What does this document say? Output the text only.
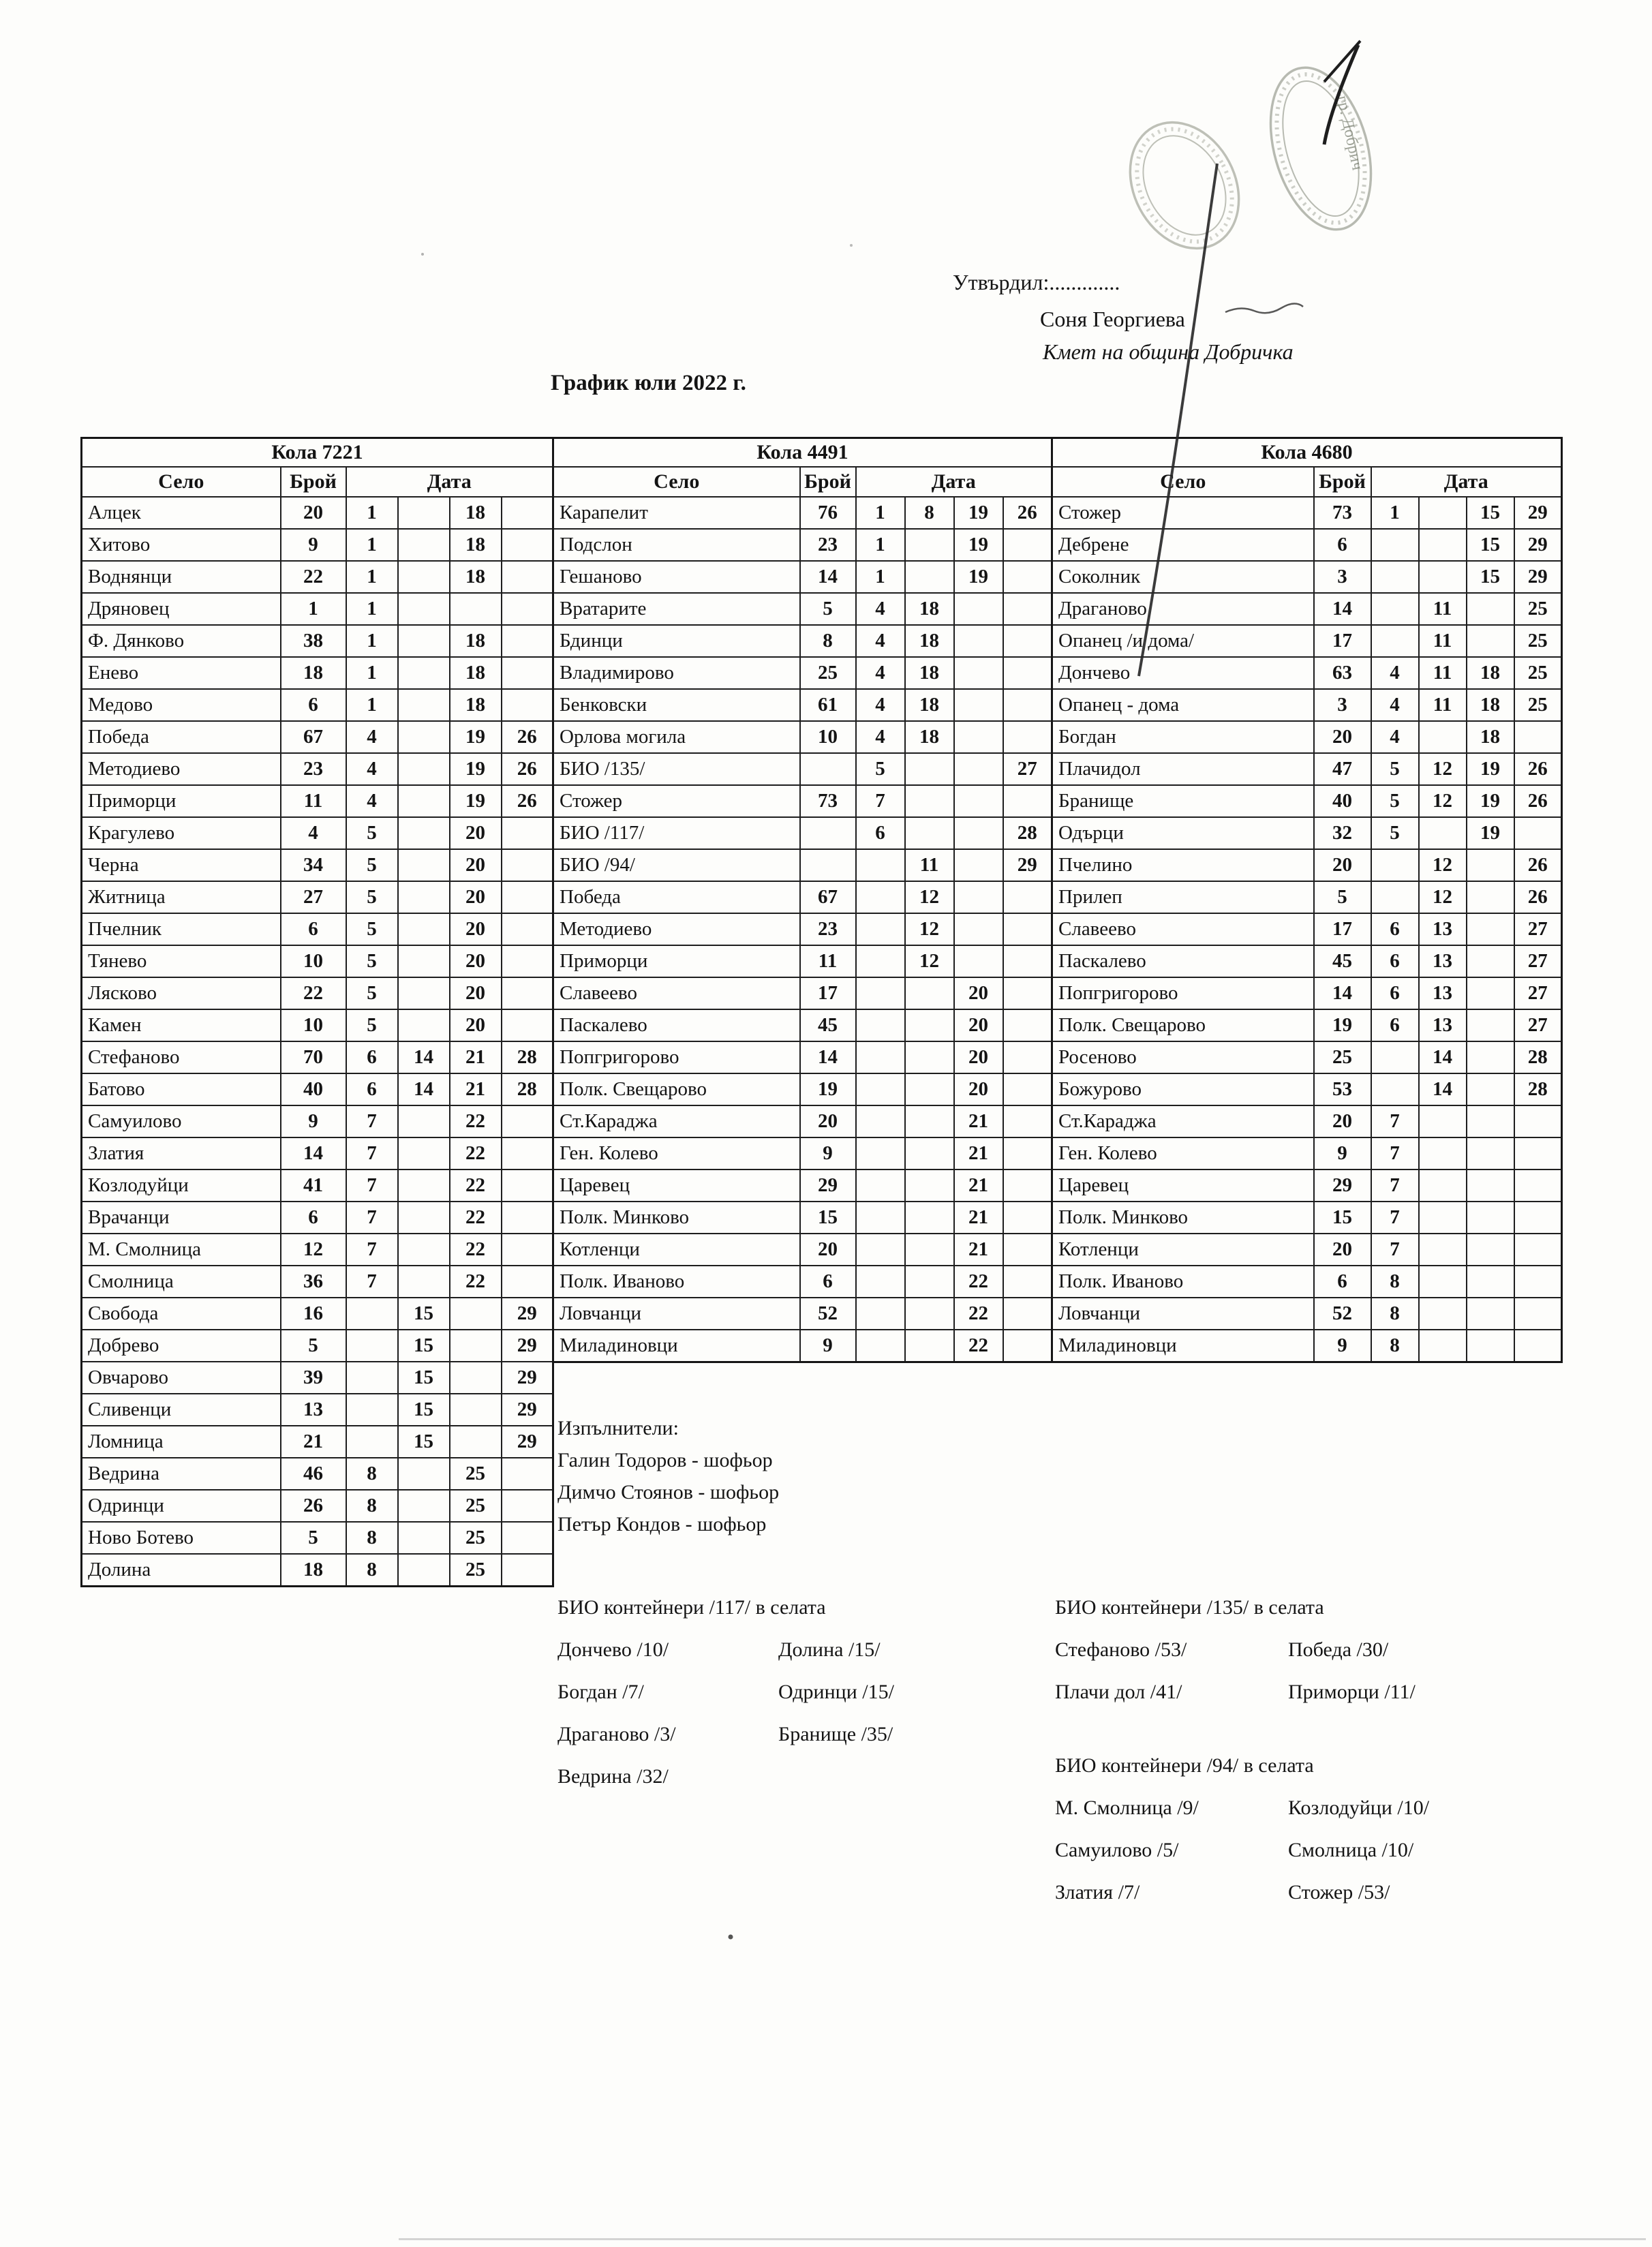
Утвърдил:.............
Соня Георгиева
Кмет на община Добричка
График юли 2022 г.
Кола 7221					
Село	Брой	Дата			
Алцек	20	1		18	
Хитово	9	1		18	
Воднянци	22	1		18	
Дряновец	1	1			
Ф. Дянково	38	1		18	
Енево	18	1		18	
Медово	6	1		18	
Победа	67	4		19	26
Методиево	23	4		19	26
Приморци	11	4		19	26
Крагулево	4	5		20	
Черна	34	5		20	
Житница	27	5		20	
Пчелник	6	5		20	
Тянево	10	5		20	
Лясково	22	5		20	
Камен	10	5		20	
Стефаново	70	6	14	21	28
Батово	40	6	14	21	28
Самуилово	9	7		22	
Златия	14	7		22	
Козлодуйци	41	7		22	
Врачанци	6	7		22	
М. Смолница	12	7		22	
Смолница	36	7		22	
Свобода	16		15		29
Добрево	5		15		29
Овчарово	39		15		29
Сливенци	13		15		29
Ломница	21		15		29
Ведрина	46	8		25	
Одринци	26	8		25	
Ново Ботево	5	8		25	
Долина	18	8		25	
Кола 4491					
Село	Брой	Дата			
Карапелит	76	1	8	19	26
Подслон	23	1		19	
Гешаново	14	1		19	
Вратарите	5	4	18		
Бдинци	8	4	18		
Владимирово	25	4	18		
Бенковски	61	4	18		
Орлова могила	10	4	18		
БИО /135/		5			27
Стожер	73	7			
БИО /117/		6			28
БИО /94/			11		29
Победа	67		12		
Методиево	23		12		
Приморци	11		12		
Славеево	17			20	
Паскалево	45			20	
Попгригорово	14			20	
Полк. Свещарово	19			20	
Ст.Караджа	20			21	
Ген. Колево	9			21	
Царевец	29			21	
Полк. Минково	15			21	
Котленци	20			21	
Полк. Иваново	6			22	
Ловчанци	52			22	
Миладиновци	9			22	
Кола 4680					
Село	Брой	Дата			
Стожер	73	1		15	29
Дебрене	6			15	29
Соколник	3			15	29
Драганово	14		11		25
Опанец /и дома/	17		11		25
Дончево	63	4	11	18	25
Опанец - дома	3	4	11	18	25
Богдан	20	4		18	
Плачидол	47	5	12	19	26
Бранище	40	5	12	19	26
Одърци	32	5		19	
Пчелино	20		12		26
Прилеп	5		12		26
Славеево	17	6	13		27
Паскалево	45	6	13		27
Попгригорово	14	6	13		27
Полк. Свещарово	19	6	13		27
Росеново	25		14		28
Божурово	53		14		28
Ст.Караджа	20	7			
Ген. Колево	9	7			
Царевец	29	7			
Полк. Минково	15	7			
Котленци	20	7			
Полк. Иваново	6	8			
Ловчанци	52	8			
Миладиновци	9	8			
Изпълнители:
Галин Тодоров - шофьор
Димчо Стоянов - шофьор
Петър Кондов - шофьор
БИО контейнери /117/ в селата
Дончево /10/	Долина /15/
Богдан /7/	Одринци /15/
Драганово /3/	Бранище /35/
Ведрина /32/
БИО контейнери /135/ в селата
Стефаново /53/	Победа /30/
Плачи дол /41/	Приморци /11/
БИО контейнери /94/ в селата
М. Смолница /9/	Козлодуйци /10/
Самуилово /5/	Смолница /10/
Златия /7/	Стожер /53/
гр. Добрич
